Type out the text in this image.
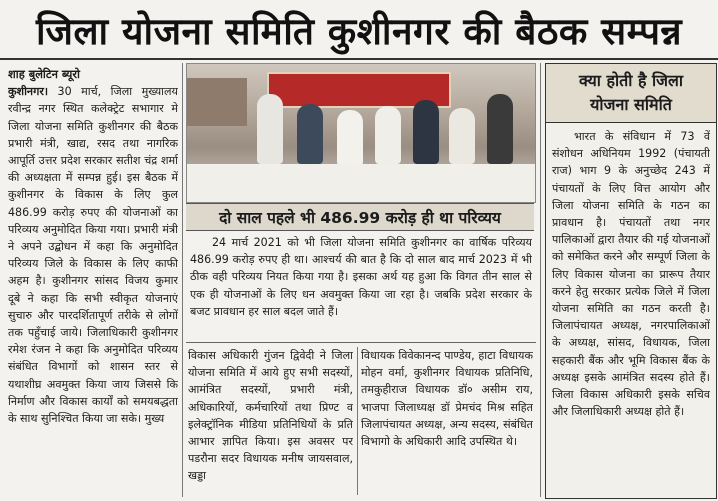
जिला योजना समिति कुशीनगर की बैठक सम्पन्न
शाह बुलेटिन ब्यूरो
कुशीनगर। 30 मार्च, जिला मुख्यालय रवीन्द्र नगर स्थित कलेक्ट्रेट सभागार मे जिला योजना समिति कुशीनगर की बैठक प्रभारी मंत्री, खाद्य, रसद तथा नागरिक आपूर्ति उत्तर प्रदेश सरकार सतीश चंद्र शर्मा की अध्यक्षता में सम्पन्न हुई। इस बैठक में कुशीनगर के विकास के लिए कुल 486.99 करोड़ रुपए की योजनाओं का परिव्यय अनुमोदित किया गया। प्रभारी मंत्री ने अपने उद्बोधन में कहा कि अनुमोदित परिव्यय जिले के विकास के लिए काफी अहम है। कुशीनगर सांसद विजय कुमार दूबे ने कहा कि सभी स्वीकृत योजनाएं सुचारु और पारदर्शितापूर्ण तरीके से लोगों तक पहुँचाई जाये। जिलाधिकारी कुशीनगर रमेश रंजन ने कहा कि अनुमोदित परिव्यय संबंधित विभागों को शासन स्तर से यथाशीघ्र अवमुक्त किया जाय जिससे कि निर्माण और विकास कार्यों को समयबद्धता के साथ सुनिश्चित किया जा सके। मुख्य
दो साल पहले भी 486.99 करोड़ ही था परिव्यय
24 मार्च 2021 को भी जिला योजना समिति कुशीनगर का वार्षिक परिव्यय 486.99 करोड़ रुपए ही था। आश्चर्य की बात है कि दो साल बाद मार्च 2023 में भी ठीक वही परिव्यय नियत किया गया है। इसका अर्थ यह हुआ कि विगत तीन साल से एक ही योजनाओं के लिए धन अवमुक्त किया जा रहा है। जबकि प्रदेश सरकार के बजट प्रावधान हर साल बदल जाते हैं।
विकास अधिकारी गुंजन द्विवेदी ने जिला योजना समिति में आये हुए सभी सदस्यों, आमंत्रित सदस्यों, प्रभारी मंत्री, अधिकारियों, कर्मचारियों तथा प्रिण्ट व इलेक्ट्रॉनिक मीडिया प्रतिनिधियों के प्रति आभार ज्ञापित किया। इस अवसर पर पडरौना सदर विधायक मनीष जायसवाल, खड्डा
विधायक विवेकानन्द पाण्डेय, हाटा विधायक मोहन वर्मा, कुशीनगर विधायक प्रतिनिधि, तमकुहीराज विधायक डॉ० असीम राय, भाजपा जिलाध्यक्ष डॉ प्रेमचंद मिश्र सहित जिलापंचायत अध्यक्ष, अन्य सदस्य, संबंधित विभागो के अधिकारी आदि उपस्थित थे।
क्या होती है जिला
योजना समिति
भारत के संविधान में 73 वें संशोधन अधिनियम 1992 (पंचायती राज) भाग 9 के अनुच्छेद 243 में पंचायतों के लिए वित्त आयोग और जिला योजना समिति के गठन का प्रावधान है। पंचायतों तथा नगर पालिकाओं द्वारा तैयार की गई योजनाओं को समेकित करने और सम्पूर्ण जिला के लिए विकास योजना का प्रारूप तैयार करने हेतु सरकार प्रत्येक जिले में जिला योजना समिति का गठन करती है। जिलापंचायत अध्यक्ष, नगरपालिकाओं के अध्यक्ष, सांसद, विधायक, जिला सहकारी बैंक और भूमि विकास बैंक के अध्यक्ष इसके आमंत्रित सदस्य होते हैं। जिला विकास अधिकारी इसके सचिव और जिलाधिकारी अध्यक्ष होते हैं।
